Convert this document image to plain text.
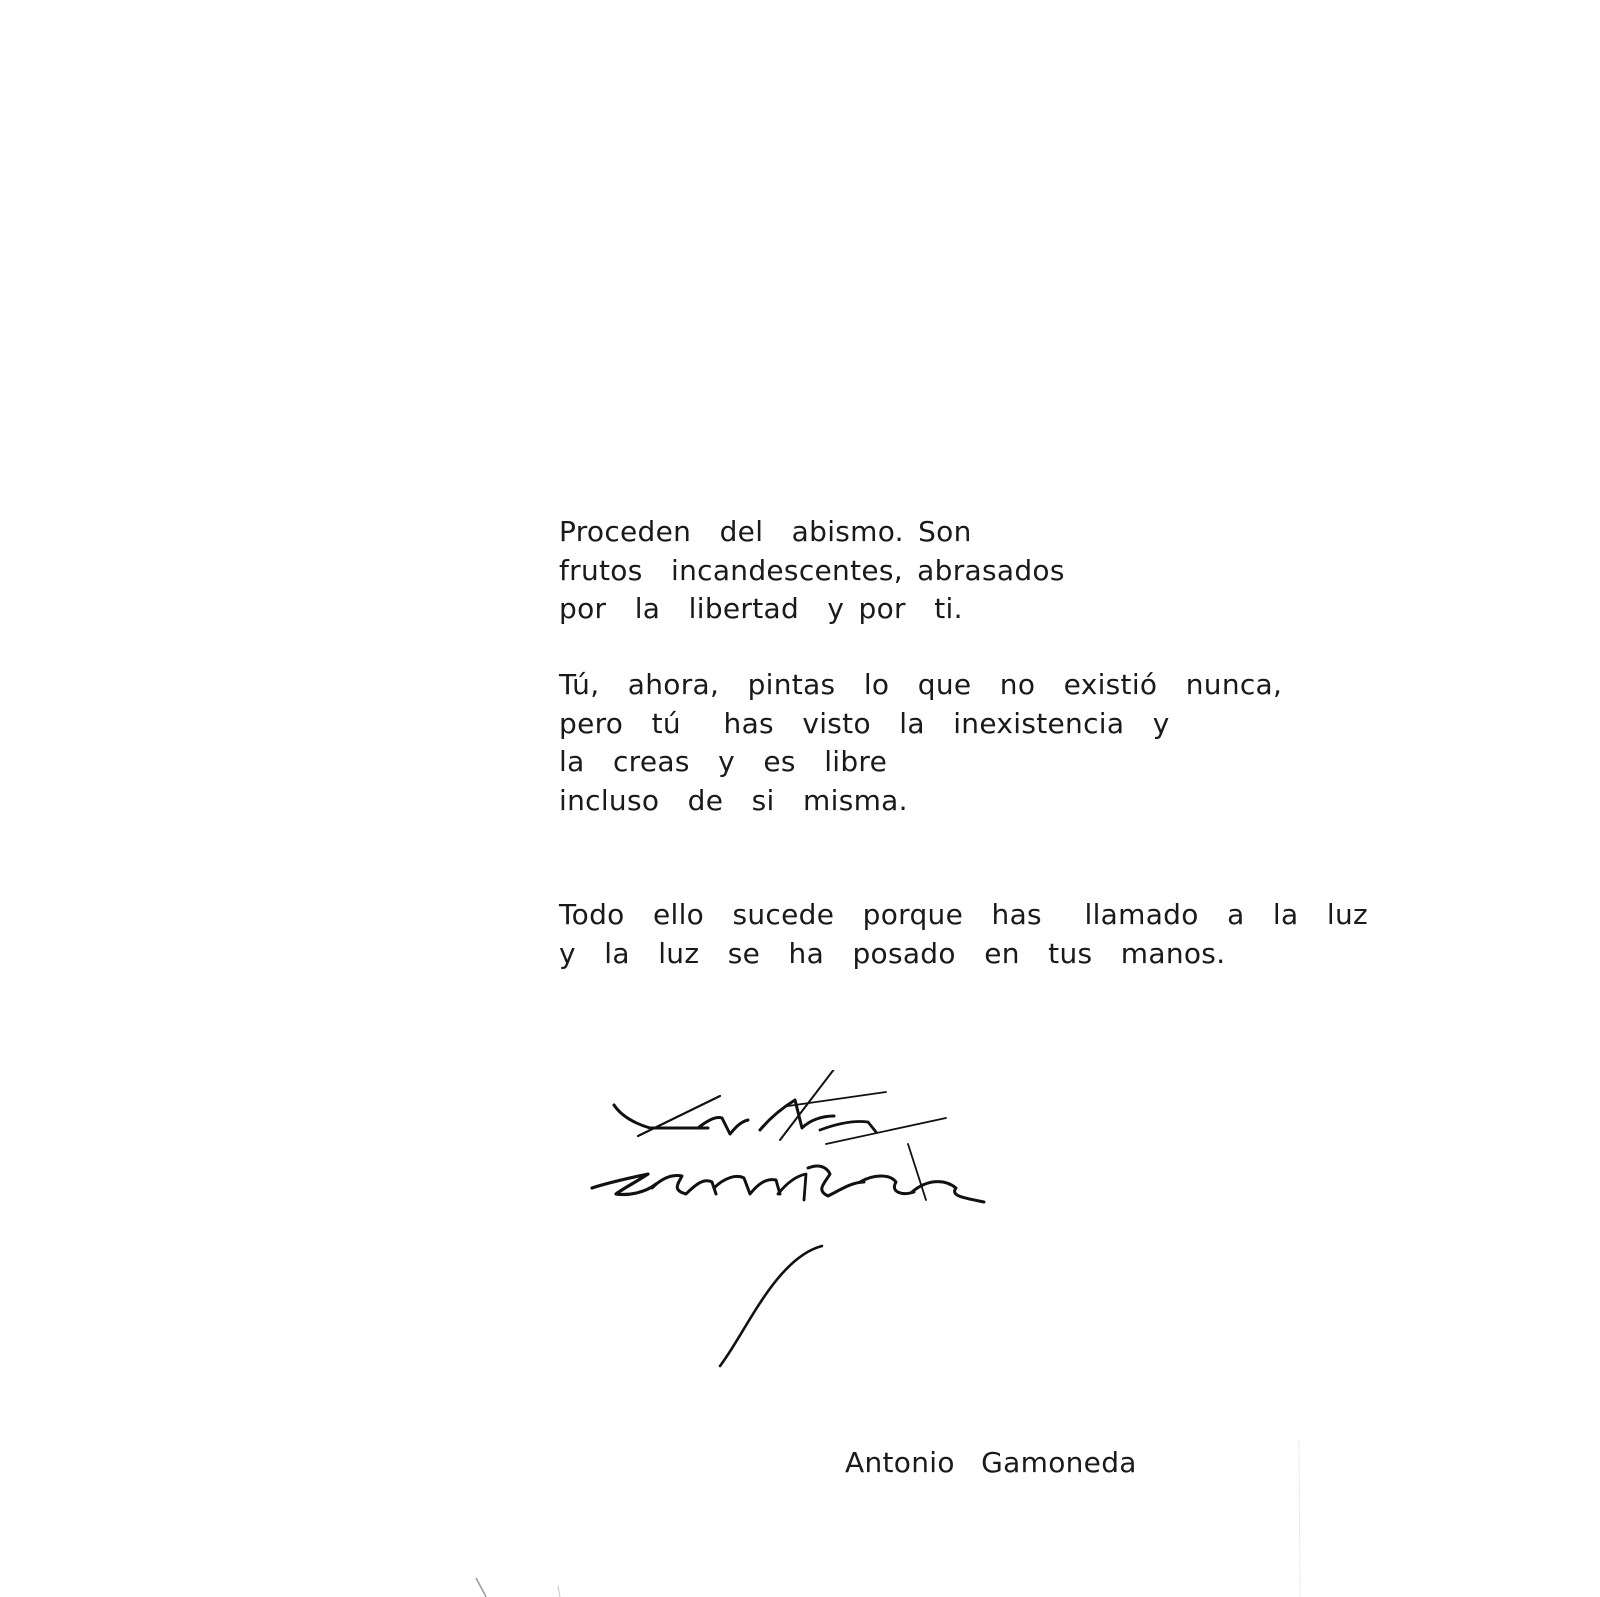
Proceden  del  abismo. Son
frutos  incandescentes, abrasados
por  la  libertad  y por  ti.
Tú,  ahora,  pintas  lo  que  no  existió  nunca,
pero  tú   has  visto  la  inexistencia  y
la  creas  y  es  libre
incluso  de  si  misma.
Todo  ello  sucede  porque  has   llamado  a  la  luz
y  la  luz  se  ha  posado  en  tus  manos.
Antonio  Gamoneda
